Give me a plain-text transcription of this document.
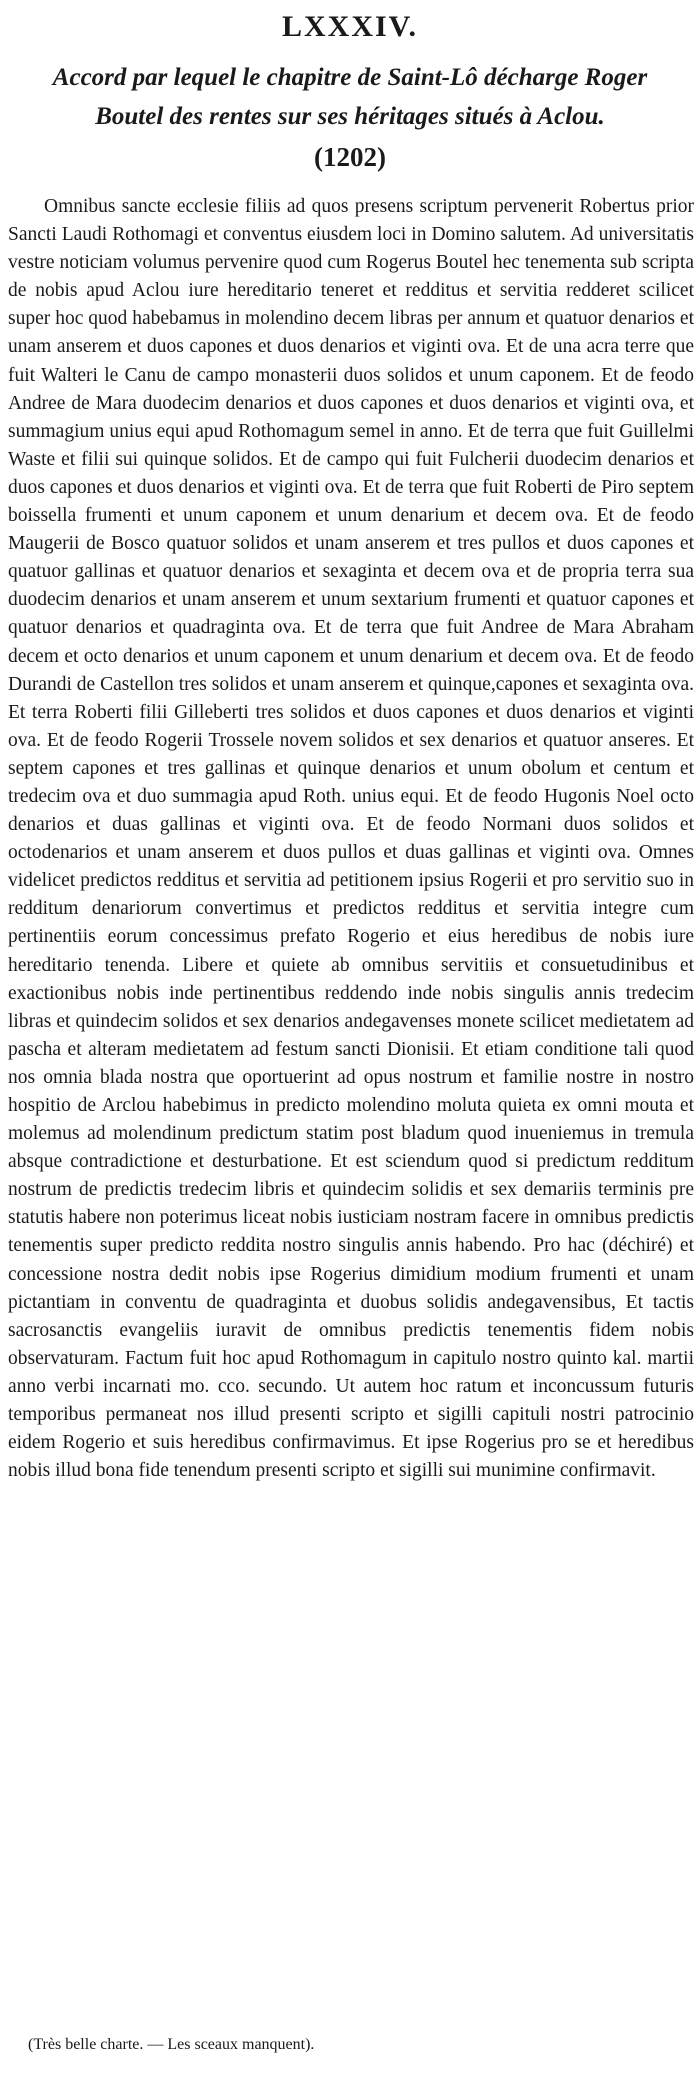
LXXXIV.
Accord par lequel le chapitre de Saint-Lô décharge Roger Boutel des rentes sur ses héritages situés à Aclou.
(1202)

Omnibus sancte ecclesie filiis ad quos presens scriptum pervenerit Robertus prior Sancti Laudi Rothomagi et conventus eiusdem loci in Domino salutem. Ad universitatis vestre noticiam volumus pervenire quod cum Rogerus Boutel hec tenementa sub scripta de nobis apud Aclou iure hereditario teneret et redditus et servitia redderet scilicet super hoc quod habebamus in molendino decem libras per annum et quatuor denarios et unam anserem et duos capones et duos denarios et viginti ova. Et de una acra terre que fuit Walteri le Canu de campo monasterii duos solidos et unum caponem. Et de feodo Andree de Mara duodecim denarios et duos capones et duos denarios et viginti ova, et summagium unius equi apud Rothomagum semel in anno. Et de terra que fuit Guillelmi Waste et filii sui quinque solidos. Et de campo qui fuit Fulcherii duodecim denarios et duos capones et duos denarios et viginti ova. Et de terra que fuit Roberti de Piro septem boissella frumenti et unum caponem et unum denarium et decem ova. Et de feodo Maugerii de Bosco quatuor solidos et unam anserem et tres pullos et duos capones et quatuor gallinas et quatuor denarios et sexaginta et decem ova et de propria terra sua duodecim denarios et unam anserem et unum sextarium frumenti et quatuor capones et quatuor denarios et quadraginta ova. Et de terra que fuit Andree de Mara Abraham decem et octo denarios et unum caponem et unum denarium et decem ova. Et de feodo Durandi de Castellon tres solidos et unam anserem et quinque,capones et sexaginta ova. Et terra Roberti filii Gilleberti tres solidos et duos capones et duos denarios et viginti ova. Et de feodo Rogerii Trossele novem solidos et sex denarios et quatuor anseres. Et septem capones et tres gallinas et quinque denarios et unum obolum et centum et tredecim ova et duo summagia apud Roth. unius equi. Et de feodo Hugonis Noel octo denarios et duas gallinas et viginti ova. Et de feodo Normani duos solidos et octodenarios et unam anserem et duos pullos et duas gallinas et viginti ova. Omnes videlicet predictos redditus et servitia ad petitionem ipsius Rogerii et pro servitio suo in redditum denariorum convertimus et predictos redditus et servitia integre cum pertinentiis eorum concessimus prefato Rogerio et eius heredibus de nobis iure hereditario tenenda. Libere et quiete ab omnibus servitiis et consuetudinibus et exactionibus nobis inde pertinentibus reddendo inde nobis singulis annis tredecim libras et quindecim solidos et sex denarios andegavenses monete scilicet medietatem ad pascha et alteram medietatem ad festum sancti Dionisii. Et etiam conditione tali quod nos omnia blada nostra que oportuerint ad opus nostrum et familie nostre in nostro hospitio de Arclou habebimus in predicto molendino moluta quieta ex omni mouta et molemus ad molendinum predictum statim post bladum quod inueniemus in tremula absque contradictione et desturbatione. Et est sciendum quod si predictum redditum nostrum de predictis tredecim libris et quindecim solidis et sex demariis terminis pre statutis habere non poterimus liceat nobis iusticiam nostram facere in omnibus predictis tenementis super predicto reddita nostro singulis annis habendo. Pro hac (déchiré) et concessione nostra dedit nobis ipse Rogerius dimidium modium frumenti et unam pictantiam in conventu de quadraginta et duobus solidis andegavensibus, Et tactis sacrosanctis evangeliis iuravit de omnibus predictis tenementis fidem nobis observaturam. Factum fuit hoc apud Rothomagum in capitulo nostro quinto kal. martii anno verbi incarnati mo. cco. secundo. Ut autem hoc ratum et inconcussum futuris temporibus permaneat nos illud presenti scripto et sigilli capituli nostri patrocinio eidem Rogerio et suis heredibus confirmavimus. Et ipse Rogerius pro se et heredibus nobis illud bona fide tenendum presenti scripto et sigilli sui munimine confirmavit.

(Très belle charte. — Les sceaux manquent).
